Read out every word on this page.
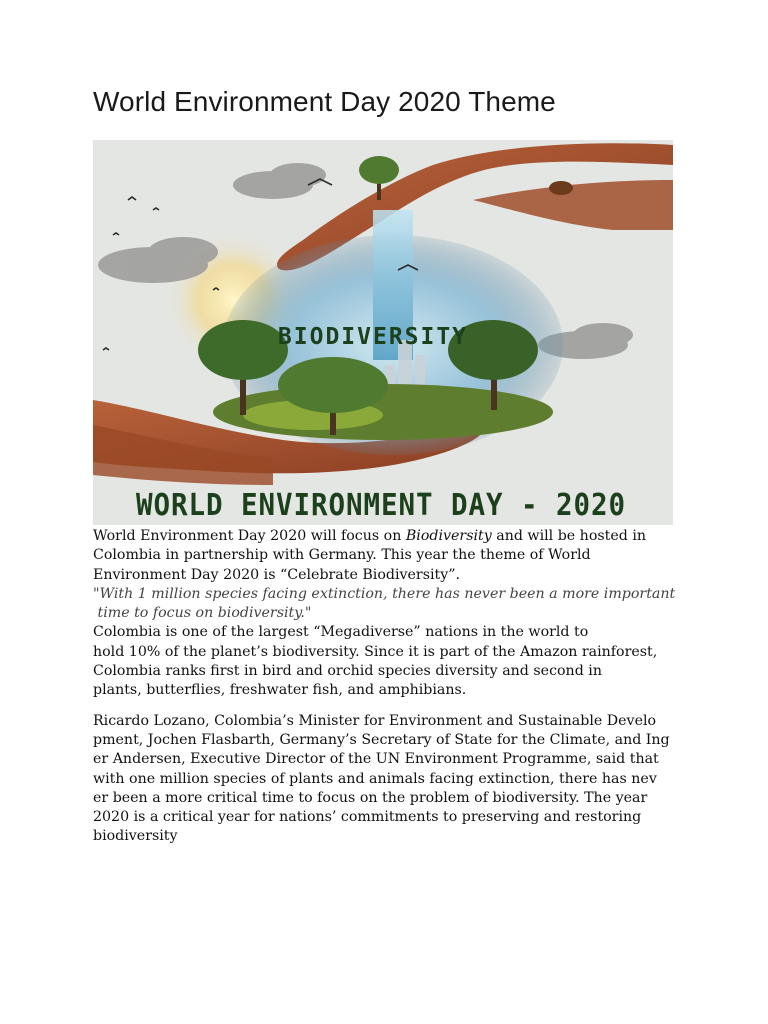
World Environment Day 2020 Theme
BIODIVERSITY
WORLD ENVIRONMENT DAY - 2020

World Environment Day 2020 will focus on Biodiversity and will be hosted in
Colombia in partnership with Germany. This year the theme of World
Environment Day 2020 is “Celebrate Biodiversity”.

"With 1 million species facing extinction, there has never been a more important
time to focus on biodiversity."

Colombia is one of the largest “Megadiverse” nations in the world to
hold 10% of the planet’s biodiversity. Since it is part of the Amazon rainforest,
Colombia ranks first in bird and orchid species diversity and second in
plants, butterflies, freshwater fish, and amphibians.

Ricardo Lozano, Colombia’s Minister for Environment and Sustainable Develo
pment, Jochen Flasbarth, Germany’s Secretary of State for the Climate, and Ing
er Andersen, Executive Director of the UN Environment Programme, said that
with one million species of plants and animals facing extinction, there has nev
er been a more critical time to focus on the problem of biodiversity. The year
2020 is a critical year for nations’ commitments to preserving and restoring
biodiversity
